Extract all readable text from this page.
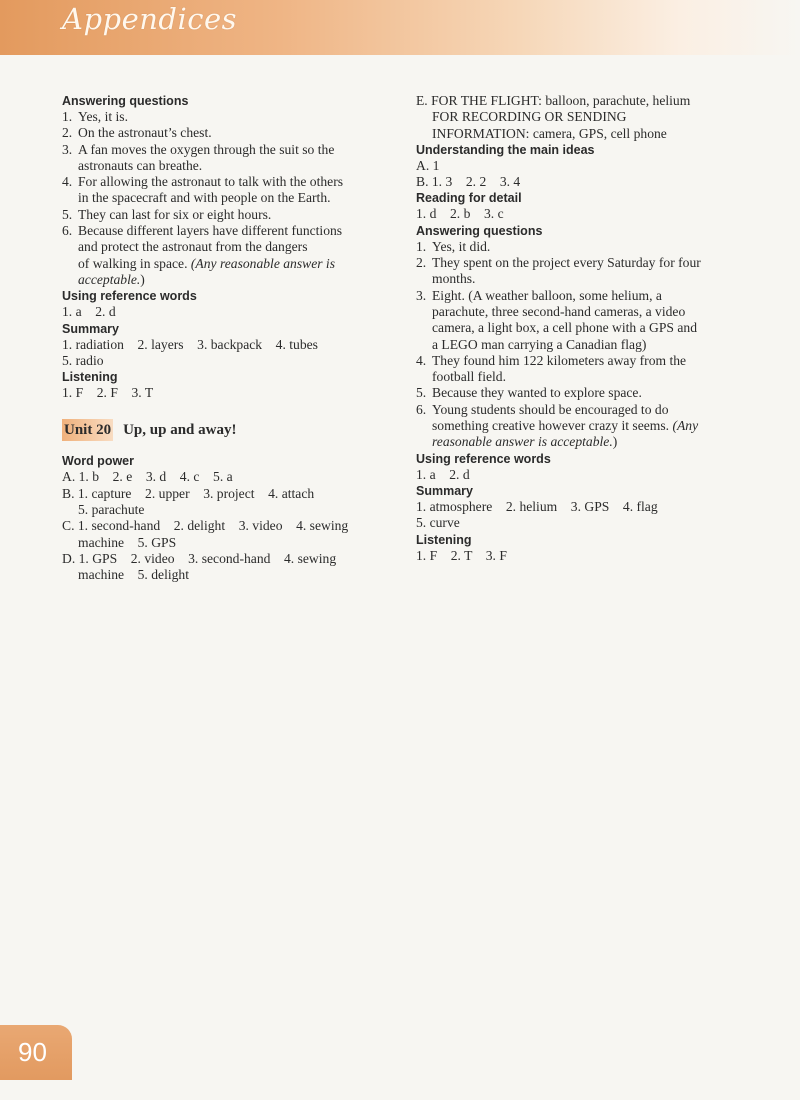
Appendices
Answering questions
1. Yes, it is.
2. On the astronaut’s chest.
3. A fan moves the oxygen through the suit so the
astronauts can breathe.
4. For allowing the astronaut to talk with the others
in the spacecraft and with people on the Earth.
5. They can last for six or eight hours.
6. Because different layers have different functions
and protect the astronaut from the dangers
of walking in space. (Any reasonable answer is
acceptable.)
Using reference words
1. a    2. d
Summary
1. radiation    2. layers    3. backpack    4. tubes
5. radio
Listening
1. F    2. F    3. T
Unit 20 Up, up and away!
Word power
A. 1. b    2. e    3. d    4. c    5. a
B. 1. capture    2. upper    3. project    4. attach
5. parachute
C. 1. second-hand    2. delight    3. video    4. sewing
machine    5. GPS
D. 1. GPS    2. video    3. second-hand    4. sewing
machine    5. delight
E. FOR THE FLIGHT: balloon, parachute, helium
FOR RECORDING OR SENDING
INFORMATION: camera, GPS, cell phone
Understanding the main ideas
A. 1
B. 1. 3    2. 2    3. 4
Reading for detail
1. d    2. b    3. c
Answering questions
1. Yes, it did.
2. They spent on the project every Saturday for four
months.
3. Eight. (A weather balloon, some helium, a
parachute, three second-hand cameras, a video
camera, a light box, a cell phone with a GPS and
a LEGO man carrying a Canadian flag)
4. They found him 122 kilometers away from the
football field.
5. Because they wanted to explore space.
6. Young students should be encouraged to do
something creative however crazy it seems. (Any
reasonable answer is acceptable.)
Using reference words
1. a    2. d
Summary
1. atmosphere    2. helium    3. GPS    4. flag
5. curve
Listening
1. F    2. T    3. F
90
